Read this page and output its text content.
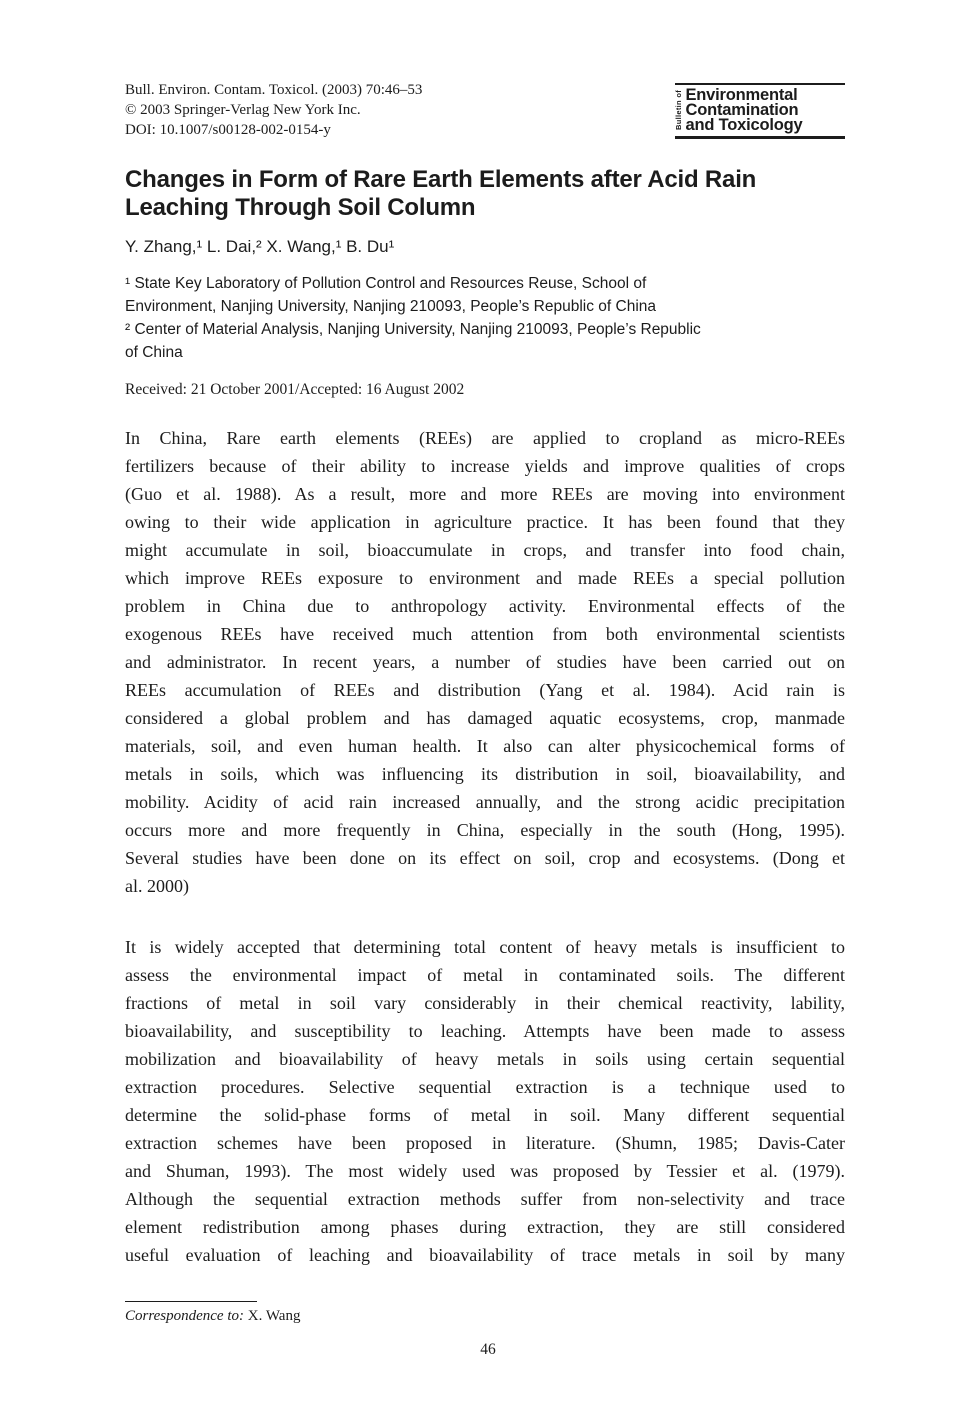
Bull. Environ. Contam. Toxicol. (2003) 70:46–53
© 2003 Springer-Verlag New York Inc.
DOI: 10.1007/s00128-002-0154-y	Bulletin of Environmental
Contamination
and Toxicology
Changes in Form of Rare Earth Elements after Acid Rain
Leaching Through Soil Column
Y. Zhang,¹ L. Dai,² X. Wang,¹ B. Du¹
¹ State Key Laboratory of Pollution Control and Resources Reuse, School of
Environment, Nanjing University, Nanjing 210093, People’s Republic of China
² Center of Material Analysis, Nanjing University, Nanjing 210093, People’s Republic
of China
Received: 21 October 2001/Accepted: 16 August 2002
In China, Rare earth elements (REEs) are applied to cropland as micro-REEs
fertilizers because of their ability to increase yields and improve qualities of crops
(Guo et al. 1988). As a result, more and more REEs are moving into environment
owing to their wide application in agriculture practice. It has been found that they
might accumulate in soil, bioaccumulate in crops, and transfer into food chain,
which improve REEs exposure to environment and made REEs a special pollution
problem in China due to anthropology activity. Environmental effects of the
exogenous REEs have received much attention from both environmental scientists
and administrator. In recent years, a number of studies have been carried out on
REEs accumulation of REEs and distribution (Yang et al. 1984). Acid rain is
considered a global problem and has damaged aquatic ecosystems, crop, manmade
materials, soil, and even human health. It also can alter physicochemical forms of
metals in soils, which was influencing its distribution in soil, bioavailability, and
mobility. Acidity of acid rain increased annually, and the strong acidic precipitation
occurs more and more frequently in China, especially in the south (Hong, 1995).
Several studies have been done on its effect on soil, crop and ecosystems. (Dong et
al. 2000)
It is widely accepted that determining total content of heavy metals is insufficient to
assess the environmental impact of metal in contaminated soils. The different
fractions of metal in soil vary considerably in their chemical reactivity, lability,
bioavailability, and susceptibility to leaching. Attempts have been made to assess
mobilization and bioavailability of heavy metals in soils using certain sequential
extraction procedures. Selective sequential extraction is a technique used to
determine the solid-phase forms of metal in soil. Many different sequential
extraction schemes have been proposed in literature. (Shumn, 1985; Davis-Cater
and Shuman, 1993). The most widely used was proposed by Tessier et al. (1979).
Although the sequential extraction methods suffer from non-selectivity and trace
element redistribution among phases during extraction, they are still considered
useful evaluation of leaching and bioavailability of trace metals in soil by many
Correspondence to: X. Wang
46
